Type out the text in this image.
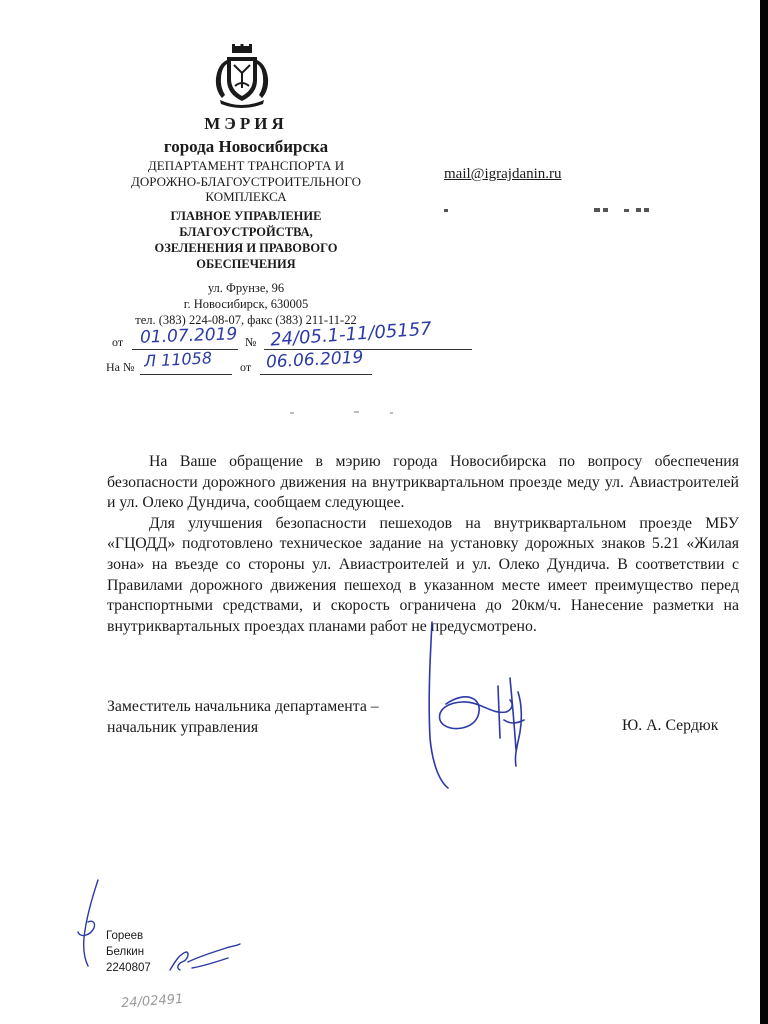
МЭРИЯ
города Новосибирска
ДЕПАРТАМЕНТ ТРАНСПОРТА И
ДОРОЖНО-БЛАГОУСТРОИТЕЛЬНОГО
КОМПЛЕКСА
ГЛАВНОЕ УПРАВЛЕНИЕ
БЛАГОУСТРОЙСТВА,
ОЗЕЛЕНЕНИЯ И ПРАВОВОГО
ОБЕСПЕЧЕНИЯ
ул. Фрунзе, 96
г. Новосибирск, 630005
тел. (383) 224-08-07, факс (383) 211-11-22
от 01.07.2019 № 24/05.1-11/05157
На № Л 11058 от 06.06.2019
mail@igrajdanin.ru

На Ваше обращение в мэрию города Новосибирска по вопросу обеспечения безопасности дорожного движения на внутриквартальном проезде меду ул. Авиастроителей и ул. Олеко Дундича, сообщаем следующее.

Для улучшения безопасности пешеходов на внутриквартальном проезде МБУ «ГЦОДД» подготовлено техническое задание на установку дорожных знаков 5.21 «Жилая зона» на въезде со стороны ул. Авиастроителей и ул. Олеко Дундича. В соответствии с Правилами дорожного движения пешеход в указанном месте имеет преимущество перед транспортными средствами, и скорость ограничена до 20км/ч. Нанесение разметки на внутриквартальных проездах планами работ не предусмотрено.

Заместитель начальника департамента –
начальник управления	Ю. А. Сердюк
Гореев
Белкин
2240807
24/02491
